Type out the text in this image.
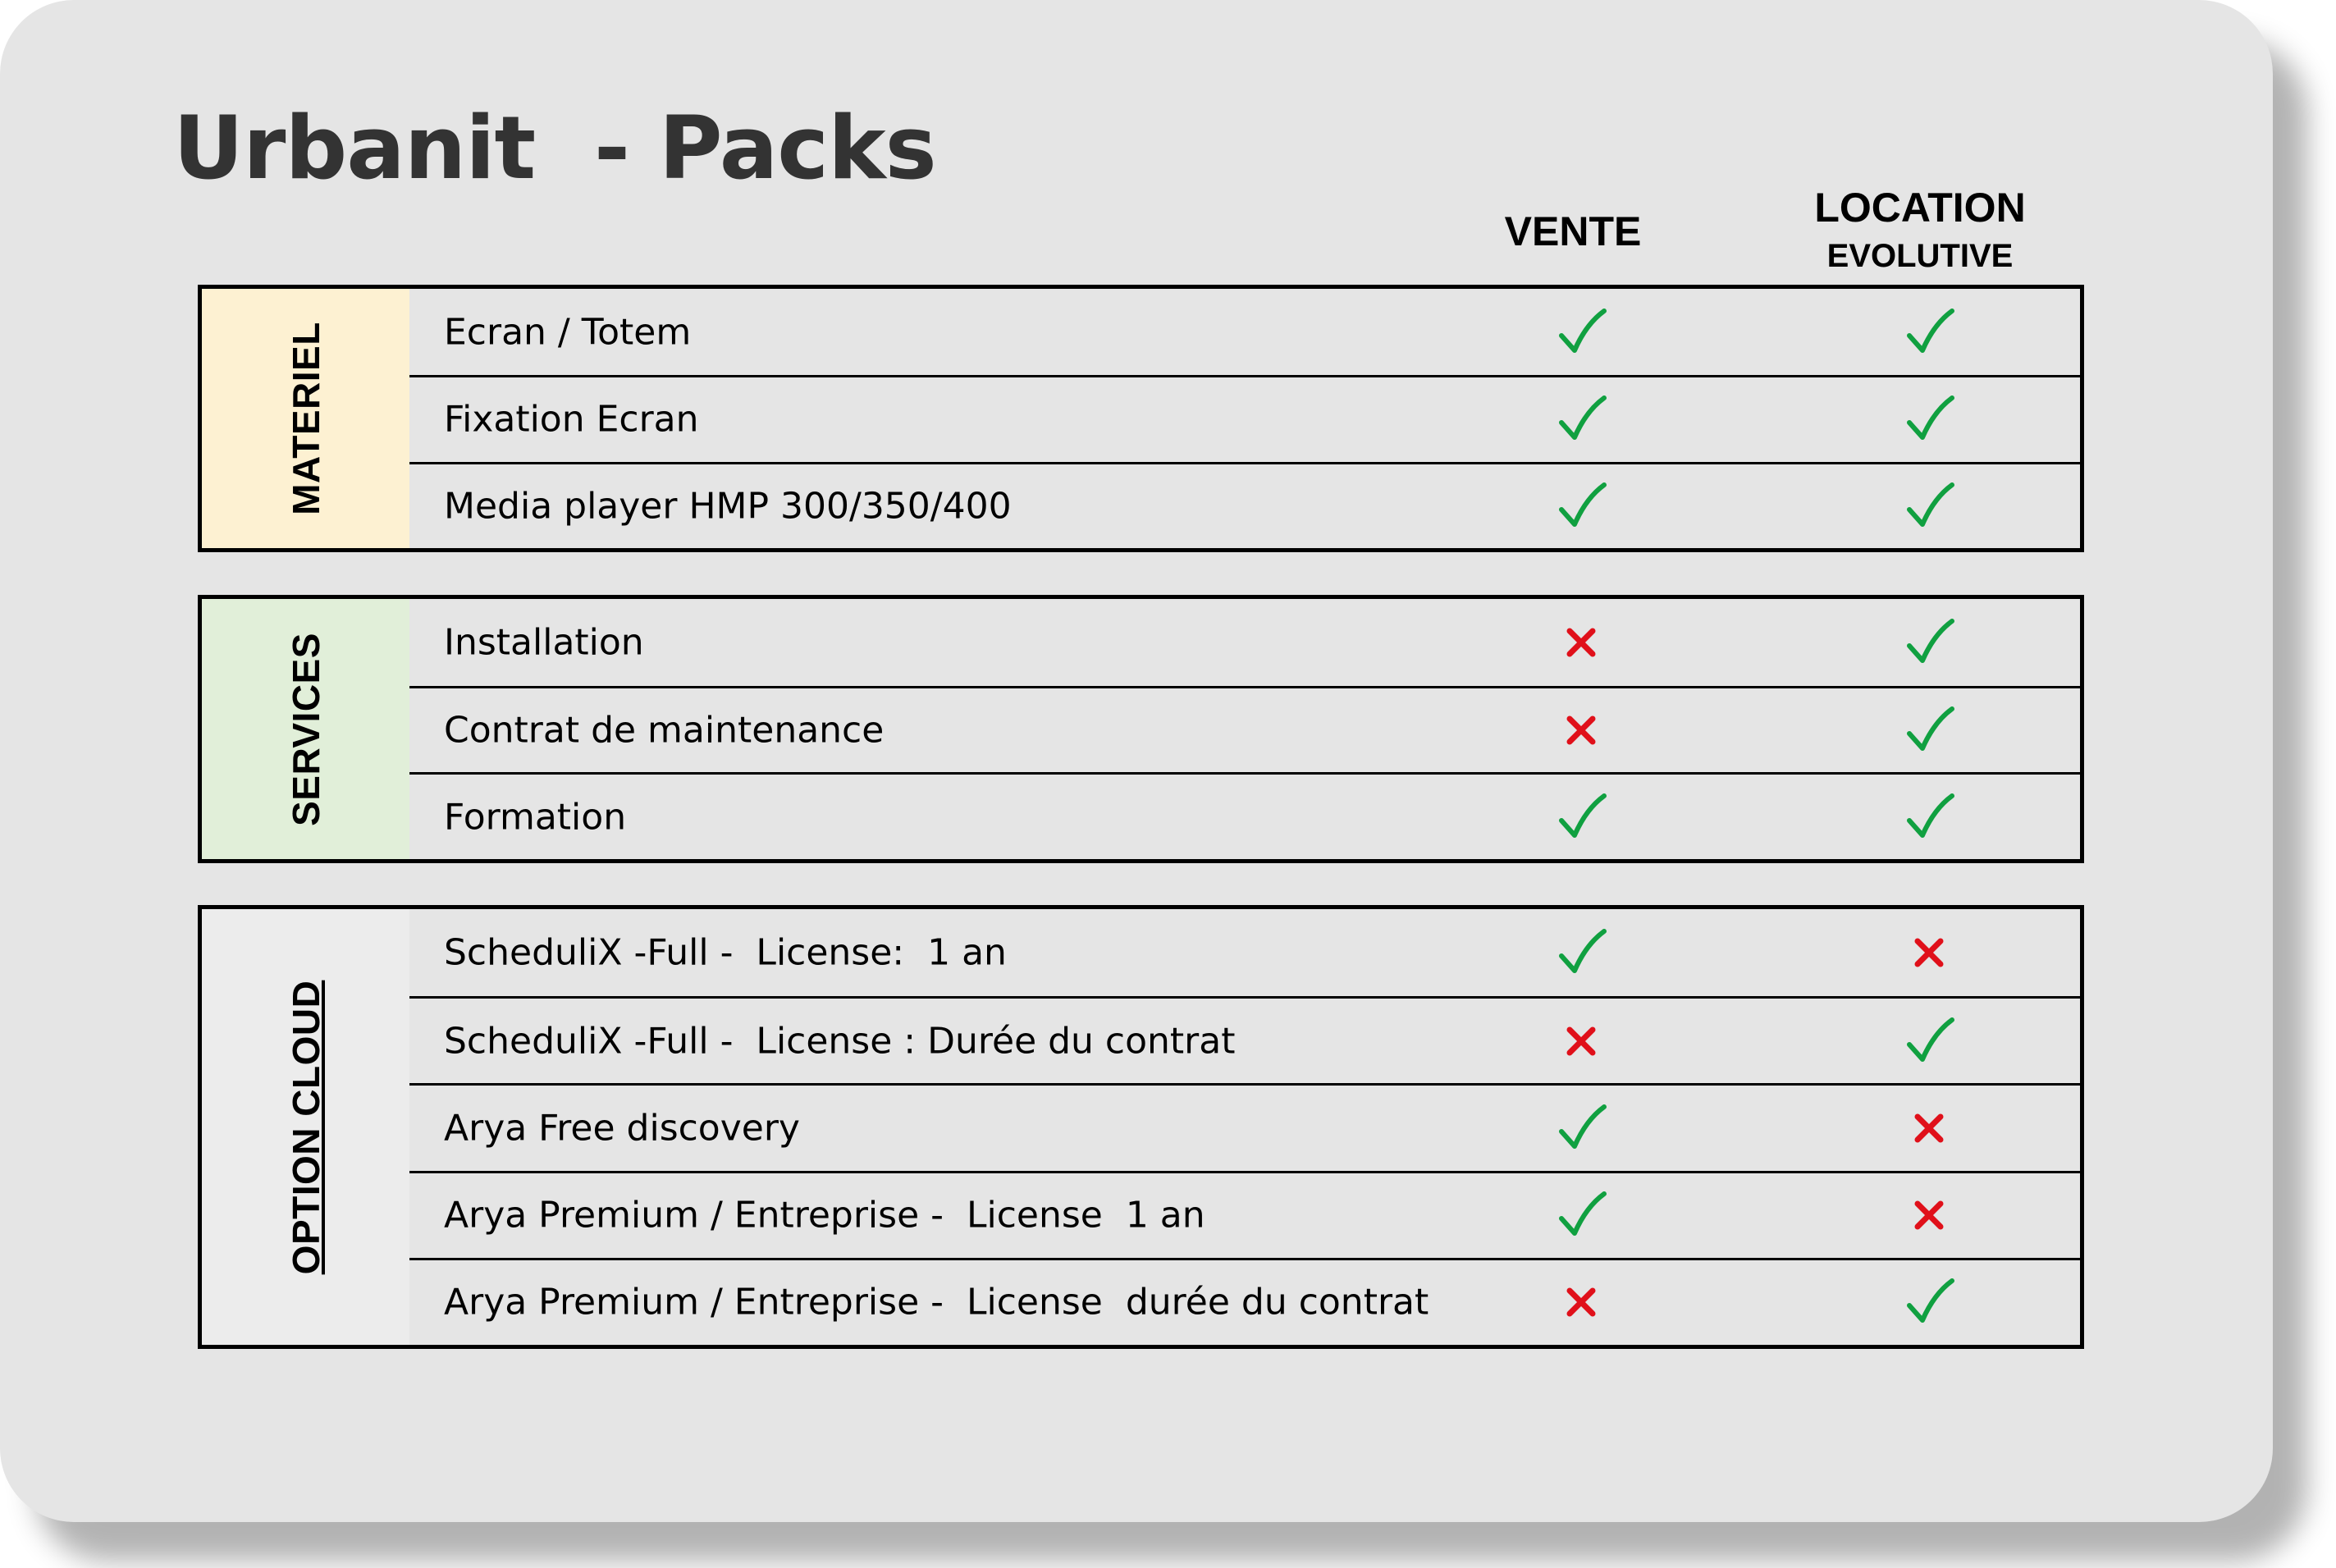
Urbanit  - Packs
VENTE
LOCATION
EVOLUTIVE
MATERIEL	Ecran / Totem
Fixation Ecran
Media player HMP 300/350/400
SERVICES	Installation
Contrat de maintenance
Formation
OPTION CLOUD
ScheduliX -Full -  License:  1 an
ScheduliX -Full -  License : Durée du contrat
Arya Free discovery
Arya Premium / Entreprise -  License  1 an
Arya Premium / Entreprise -  License  durée du contrat
